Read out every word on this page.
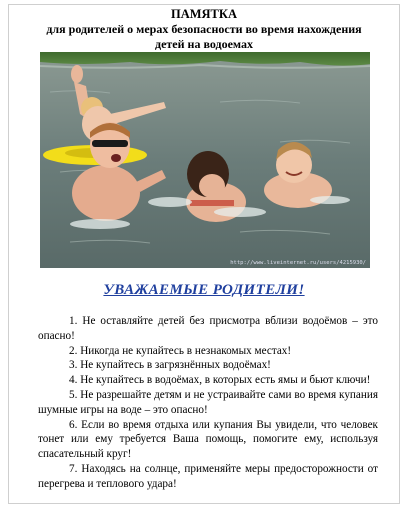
ПАМЯТКА
для родителей о мерах безопасности во время нахождения детей на водоемах
http://www.liveinternet.ru/users/4215930/
УВАЖАЕМЫЕ РОДИТЕЛИ!

1. Не оставляйте детей без присмотра вблизи водоёмов – это опасно!

2. Никогда не купайтесь в незнакомых местах!

3. Не купайтесь в загрязнённых водоёмах!

4. Не купайтесь в водоёмах, в которых есть ямы и бьют ключи!

5. Не разрешайте детям и не устраивайте сами во время купания шумные игры на воде – это опасно!

6. Если во время отдыха или купания Вы увидели, что человек тонет или ему требуется Ваша помощь, помогите ему, используя спасательный круг!

7. Находясь на солнце, применяйте меры предосторожности от перегрева и теплового удара!
